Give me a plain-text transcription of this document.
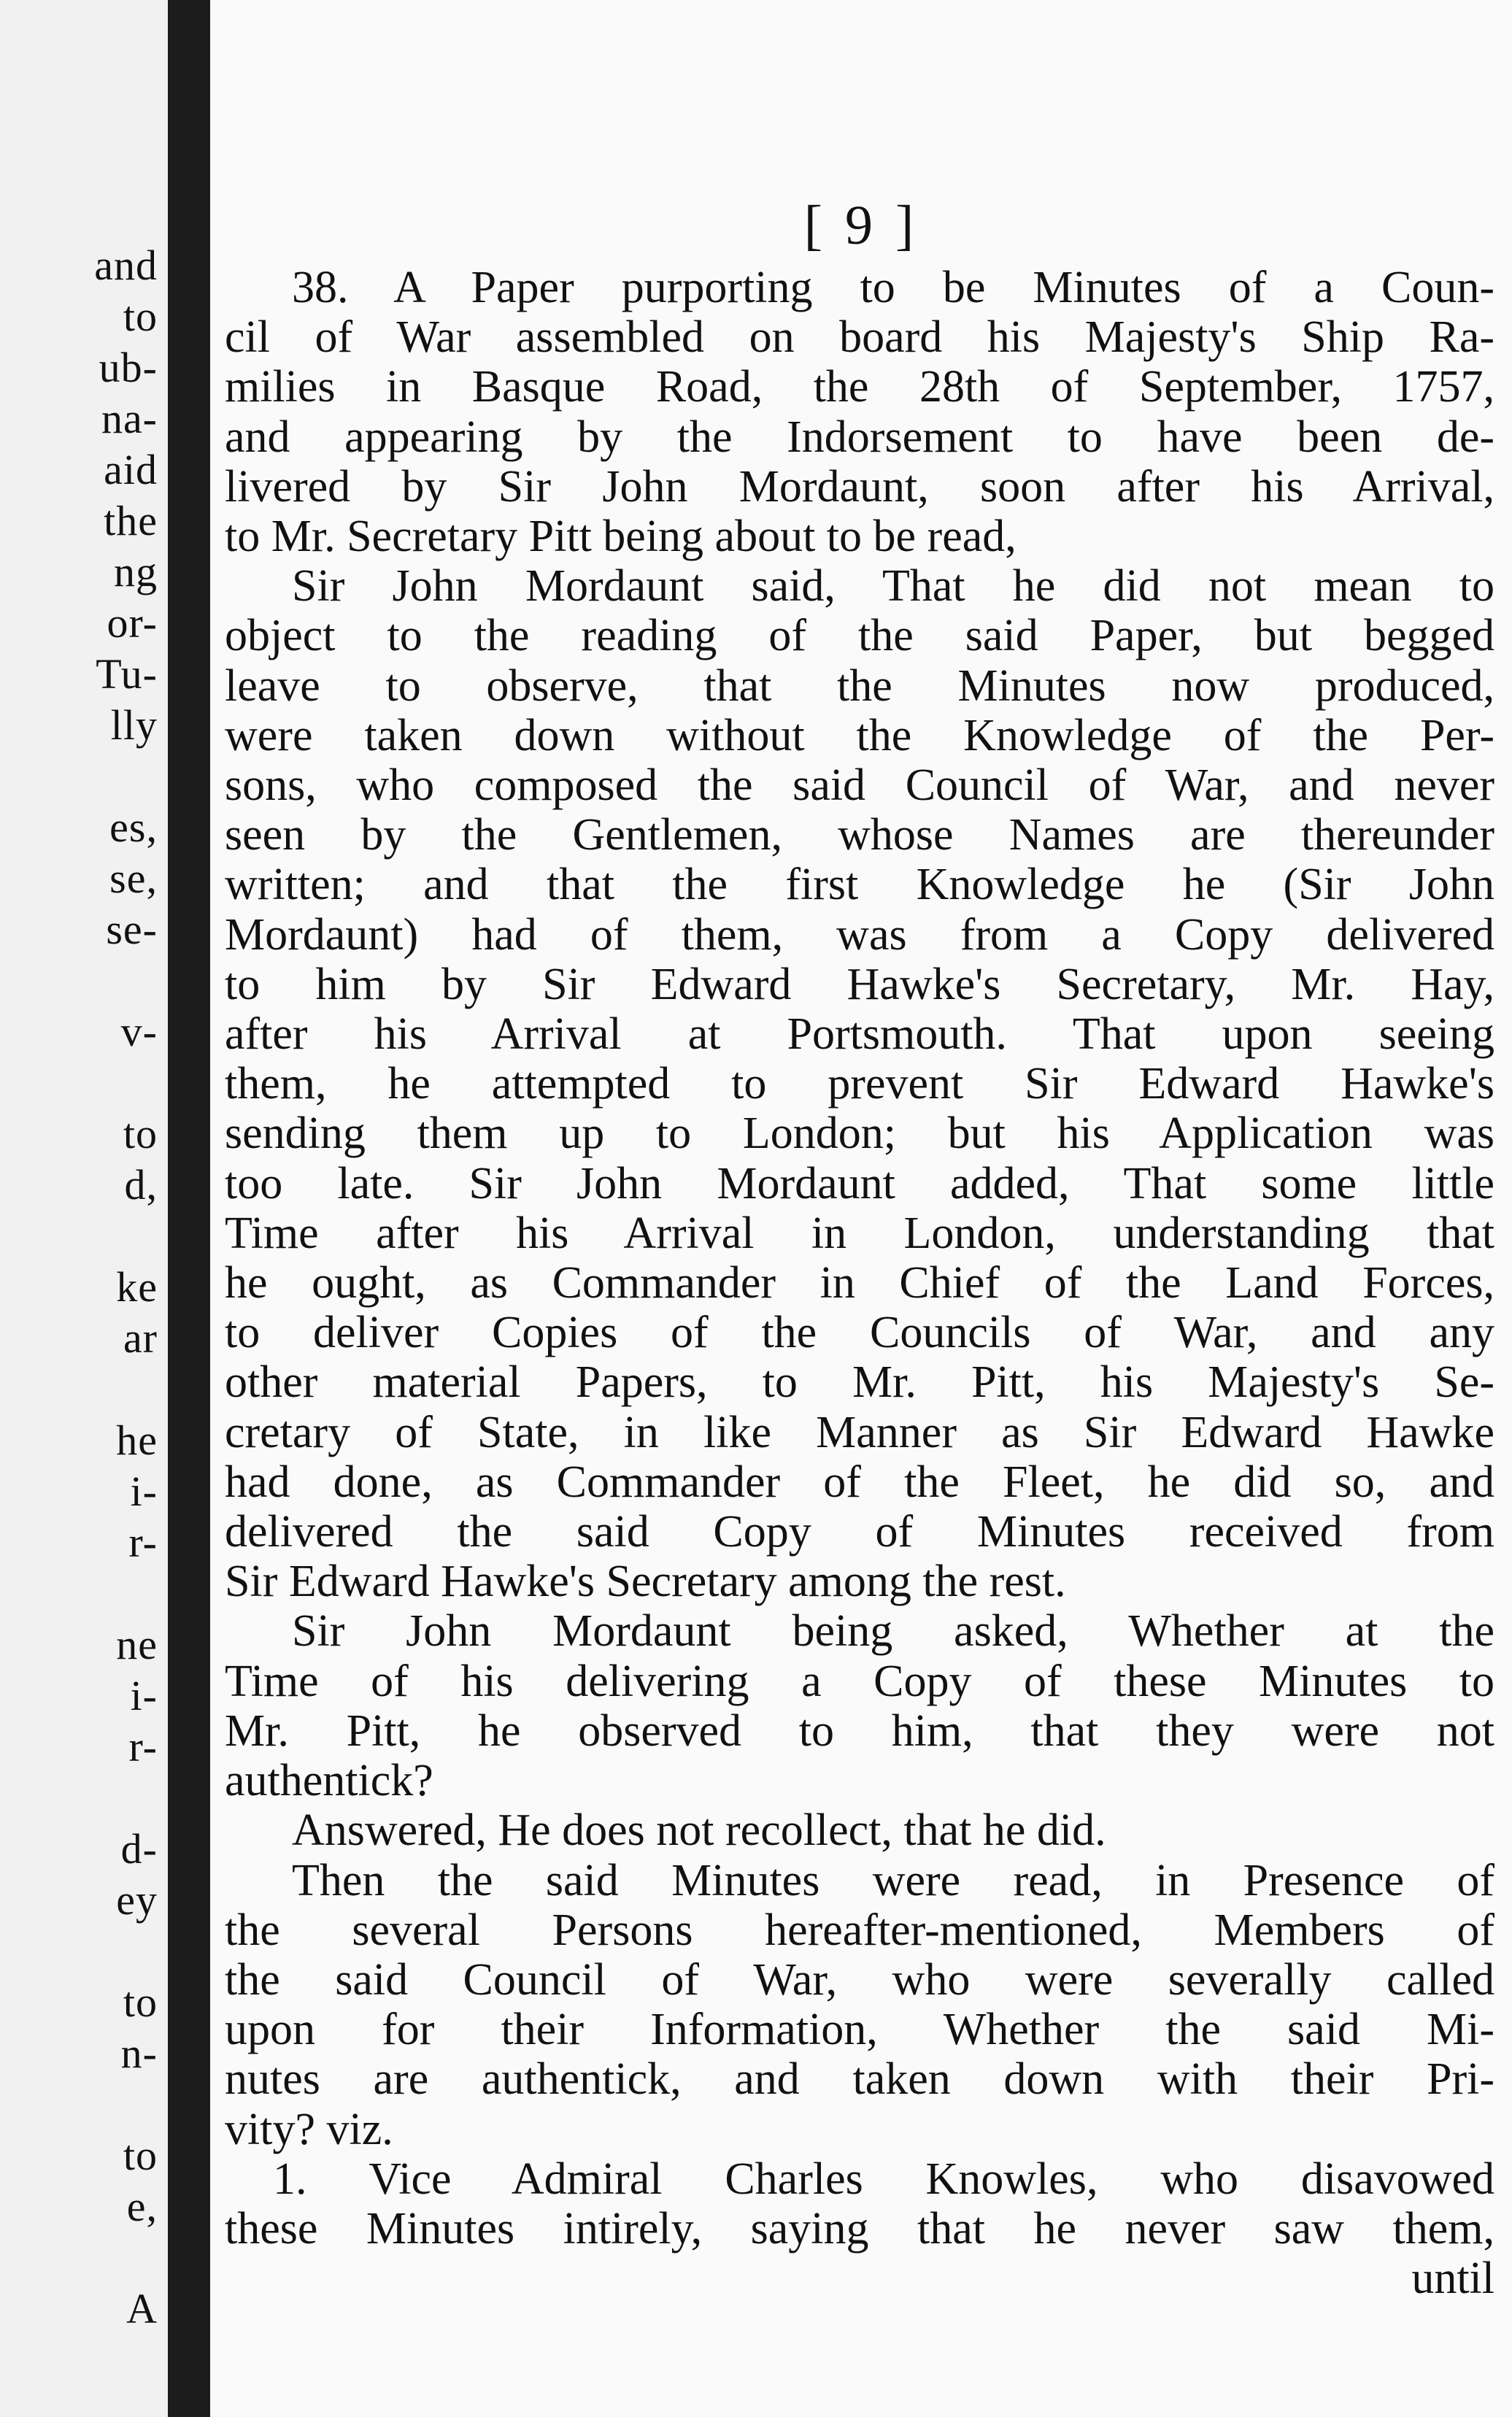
and
to
ub-
na-
aid
the
ng
or-
Tu-
lly
es,
se,
se-
v-
to
d,
ke
ar
he
i-
r-
ne
i-
r-
d-
ey
to
n-
to
e,
A
[ 9 ]
38. A Paper purporting to be Minutes of a Coun-
cil of War assembled on board his Majesty's Ship Ra-
milies in Basque Road, the 28th of September, 1757,
and appearing by the Indorsement to have been de-
livered by Sir John Mordaunt, soon after his Arrival,
to Mr. Secretary Pitt being about to be read,
Sir John Mordaunt said, That he did not mean to
object to the reading of the said Paper, but begged
leave to observe, that the Minutes now produced,
were taken down without the Knowledge of the Per-
sons, who composed the said Council of War, and never
seen by the Gentlemen, whose Names are thereunder
written; and that the first Knowledge he (Sir John
Mordaunt) had of them, was from a Copy delivered
to him by Sir Edward Hawke's Secretary, Mr. Hay,
after his Arrival at Portsmouth. That upon seeing
them, he attempted to prevent Sir Edward Hawke's
sending them up to London; but his Application was
too late. Sir John Mordaunt added, That some little
Time after his Arrival in London, understanding that
he ought, as Commander in Chief of the Land Forces,
to deliver Copies of the Councils of War, and any
other material Papers, to Mr. Pitt, his Majesty's Se-
cretary of State, in like Manner as Sir Edward Hawke
had done, as Commander of the Fleet, he did so, and
delivered the said Copy of Minutes received from
Sir Edward Hawke's Secretary among the rest.
Sir John Mordaunt being asked, Whether at the
Time of his delivering a Copy of these Minutes to
Mr. Pitt, he observed to him, that they were not
authentick?
Answered, He does not recollect, that he did.
Then the said Minutes were read, in Presence of
the several Persons hereafter-mentioned, Members of
the said Council of War, who were severally called
upon for their Information, Whether the said Mi-
nutes are authentick, and taken down with their Pri-
vity? viz.
1. Vice Admiral Charles Knowles, who disavowed
these Minutes intirely, saying that he never saw them,
until
